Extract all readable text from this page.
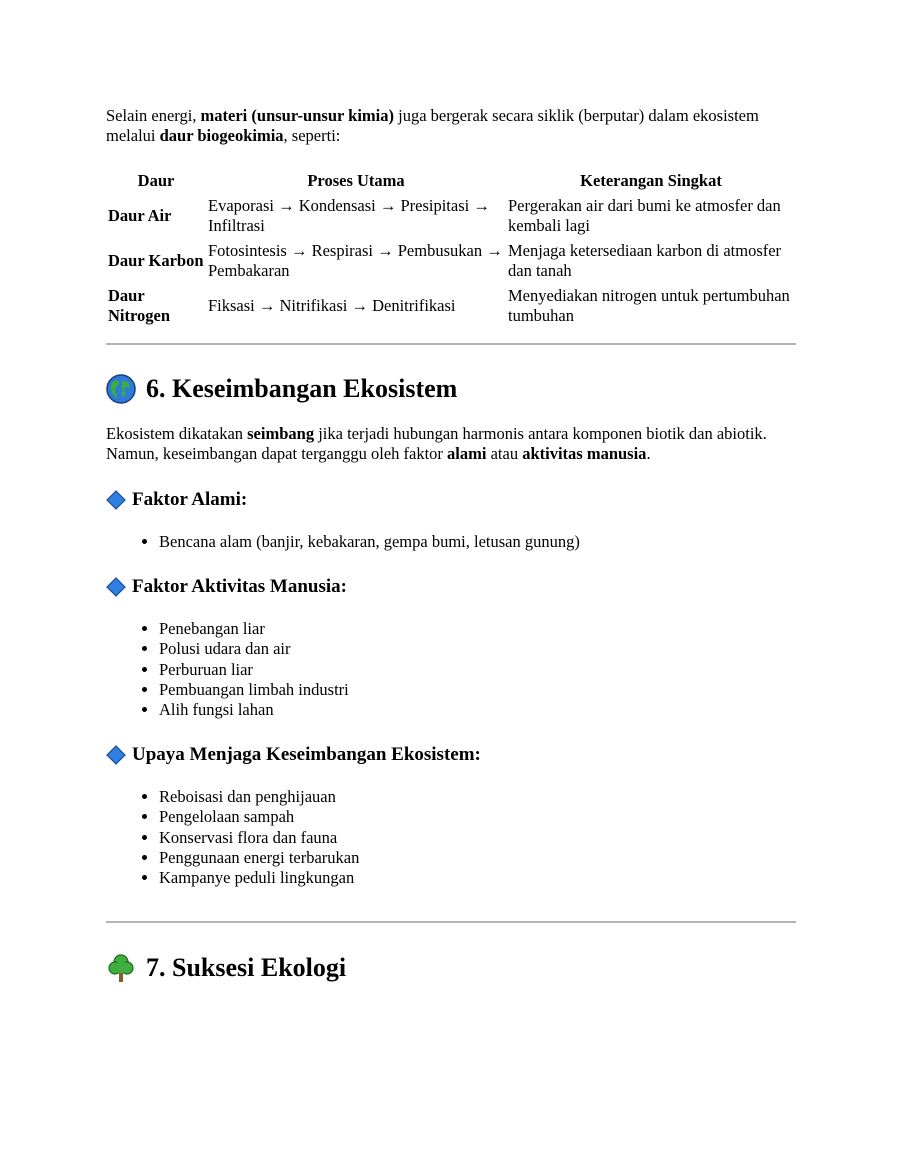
Selain energi, materi (unsur-unsur kimia) juga bergerak secara siklik (berputar) dalam ekosistem melalui daur biogeokimia, seperti:

Daur	Proses Utama	Keterangan Singkat
Daur Air	Evaporasi → Kondensasi → Presipitasi → Infiltrasi	Pergerakan air dari bumi ke atmosfer dan kembali lagi
Daur Karbon	Fotosintesis → Respirasi → Pembusukan → Pembakaran	Menjaga ketersediaan karbon di atmosfer dan tanah
Daur Nitrogen	Fiksasi → Nitrifikasi → Denitrifikasi	Menyediakan nitrogen untuk pertumbuhan tumbuhan
6. Keseimbangan Ekosistem

Ekosistem dikatakan seimbang jika terjadi hubungan harmonis antara komponen biotik dan abiotik.

Namun, keseimbangan dapat terganggu oleh faktor alami atau aktivitas manusia.

Faktor Alami:
• Bencana alam (banjir, kebakaran, gempa bumi, letusan gunung)
Faktor Aktivitas Manusia:
• Penebangan liar
• Polusi udara dan air
• Perburuan liar
• Pembuangan limbah industri
• Alih fungsi lahan
Upaya Menjaga Keseimbangan Ekosistem:
• Reboisasi dan penghijauan
• Pengelolaan sampah
• Konservasi flora dan fauna
• Penggunaan energi terbarukan
• Kampanye peduli lingkungan
7. Suksesi Ekologi
